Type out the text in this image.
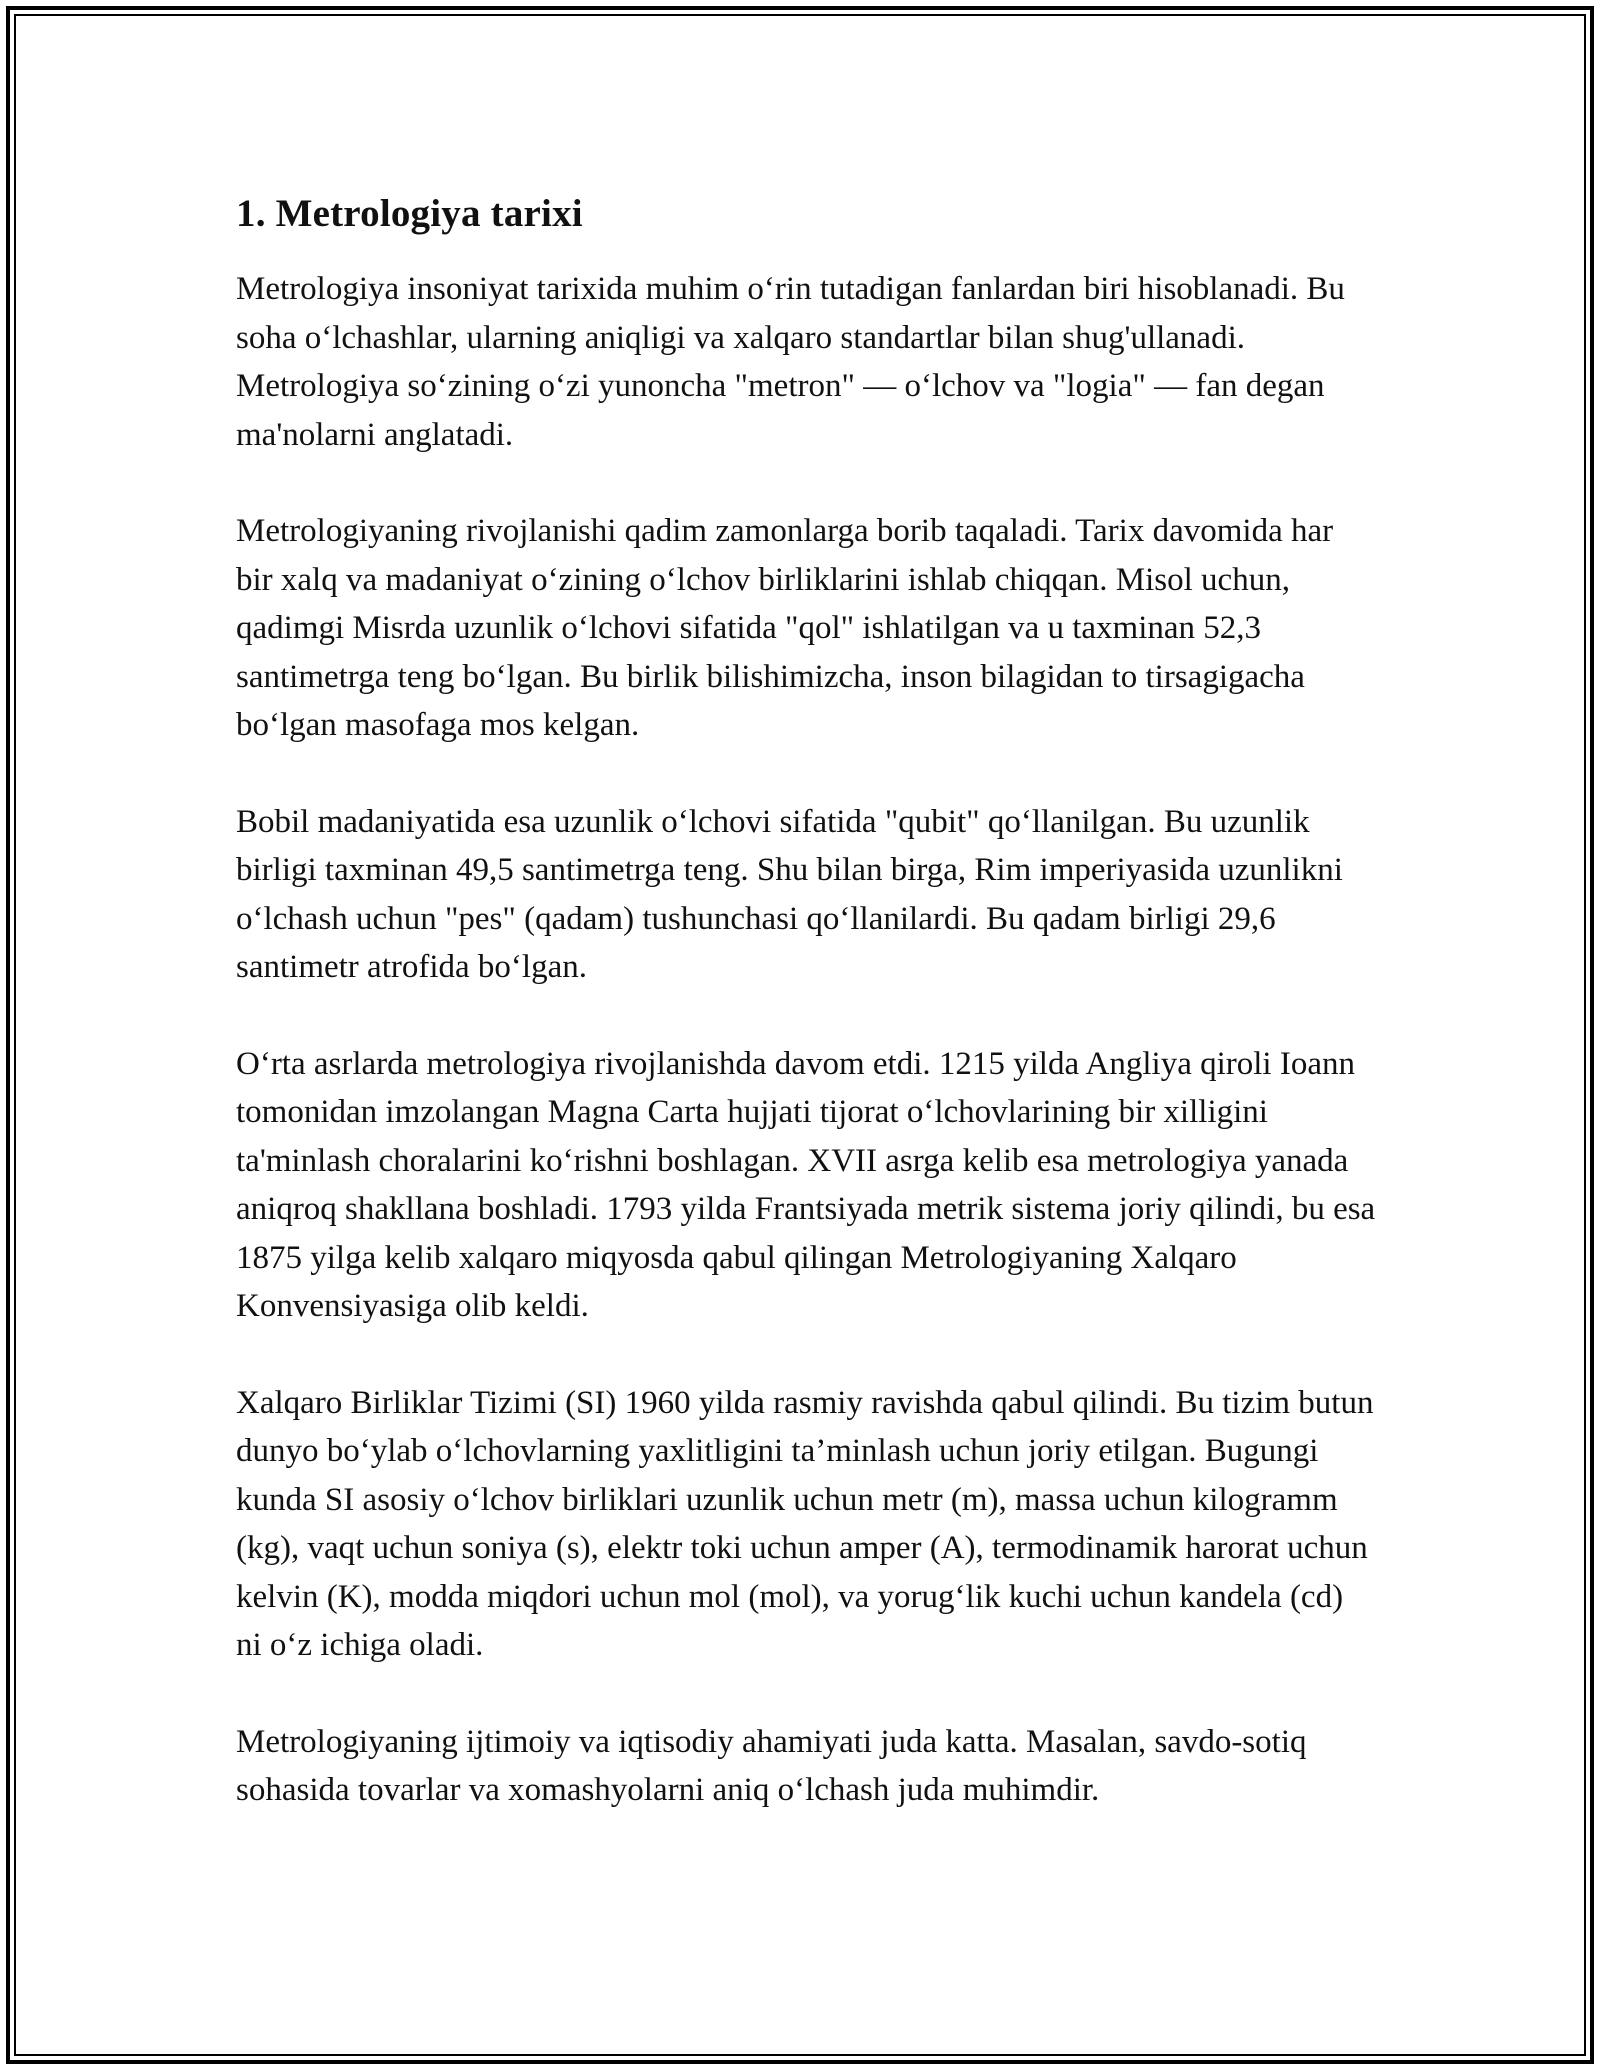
1. Metrologiya tarixi

Metrologiya insoniyat tarixida muhim o‘rin tutadigan fanlardan biri hisoblanadi. Bu soha o‘lchashlar, ularning aniqligi va xalqaro standartlar bilan shug'ullanadi. Metrologiya so‘zining o‘zi yunoncha "metron" — o‘lchov va "logia" — fan degan ma'nolarni anglatadi.

Metrologiyaning rivojlanishi qadim zamonlarga borib taqaladi. Tarix davomida har bir xalq va madaniyat o‘zining o‘lchov birliklarini ishlab chiqqan. Misol uchun, qadimgi Misrda uzunlik o‘lchovi sifatida "qol" ishlatilgan va u taxminan 52,3 santimetrga teng bo‘lgan. Bu birlik bilishimizcha, inson bilagidan to tirsagigacha bo‘lgan masofaga mos kelgan.

Bobil madaniyatida esa uzunlik o‘lchovi sifatida "qubit" qo‘llanilgan. Bu uzunlik birligi taxminan 49,5 santimetrga teng. Shu bilan birga, Rim imperiyasida uzunlikni o‘lchash uchun "pes" (qadam) tushunchasi qo‘llanilardi. Bu qadam birligi 29,6 santimetr atrofida bo‘lgan.

O‘rta asrlarda metrologiya rivojlanishda davom etdi. 1215 yilda Angliya qiroli Ioann tomonidan imzolangan Magna Carta hujjati tijorat o‘lchovlarining bir xilligini ta'minlash choralarini ko‘rishni boshlagan. XVII asrga kelib esa metrologiya yanada aniqroq shakllana boshladi. 1793 yilda Frantsiyada metrik sistema joriy qilindi, bu esa 1875 yilga kelib xalqaro miqyosda qabul qilingan Metrologiyaning Xalqaro Konvensiyasiga olib keldi.

Xalqaro Birliklar Tizimi (SI) 1960 yilda rasmiy ravishda qabul qilindi. Bu tizim butun dunyo bo‘ylab o‘lchovlarning yaxlitligini ta’minlash uchun joriy etilgan. Bugungi kunda SI asosiy o‘lchov birliklari uzunlik uchun metr (m), massa uchun kilogramm (kg), vaqt uchun soniya (s), elektr toki uchun amper (A), termodinamik harorat uchun kelvin (K), modda miqdori uchun mol (mol), va yorug‘lik kuchi uchun kandela (cd) ni o‘z ichiga oladi.

Metrologiyaning ijtimoiy va iqtisodiy ahamiyati juda katta. Masalan, savdo-sotiq sohasida tovarlar va xomashyolarni aniq o‘lchash juda muhimdir.
